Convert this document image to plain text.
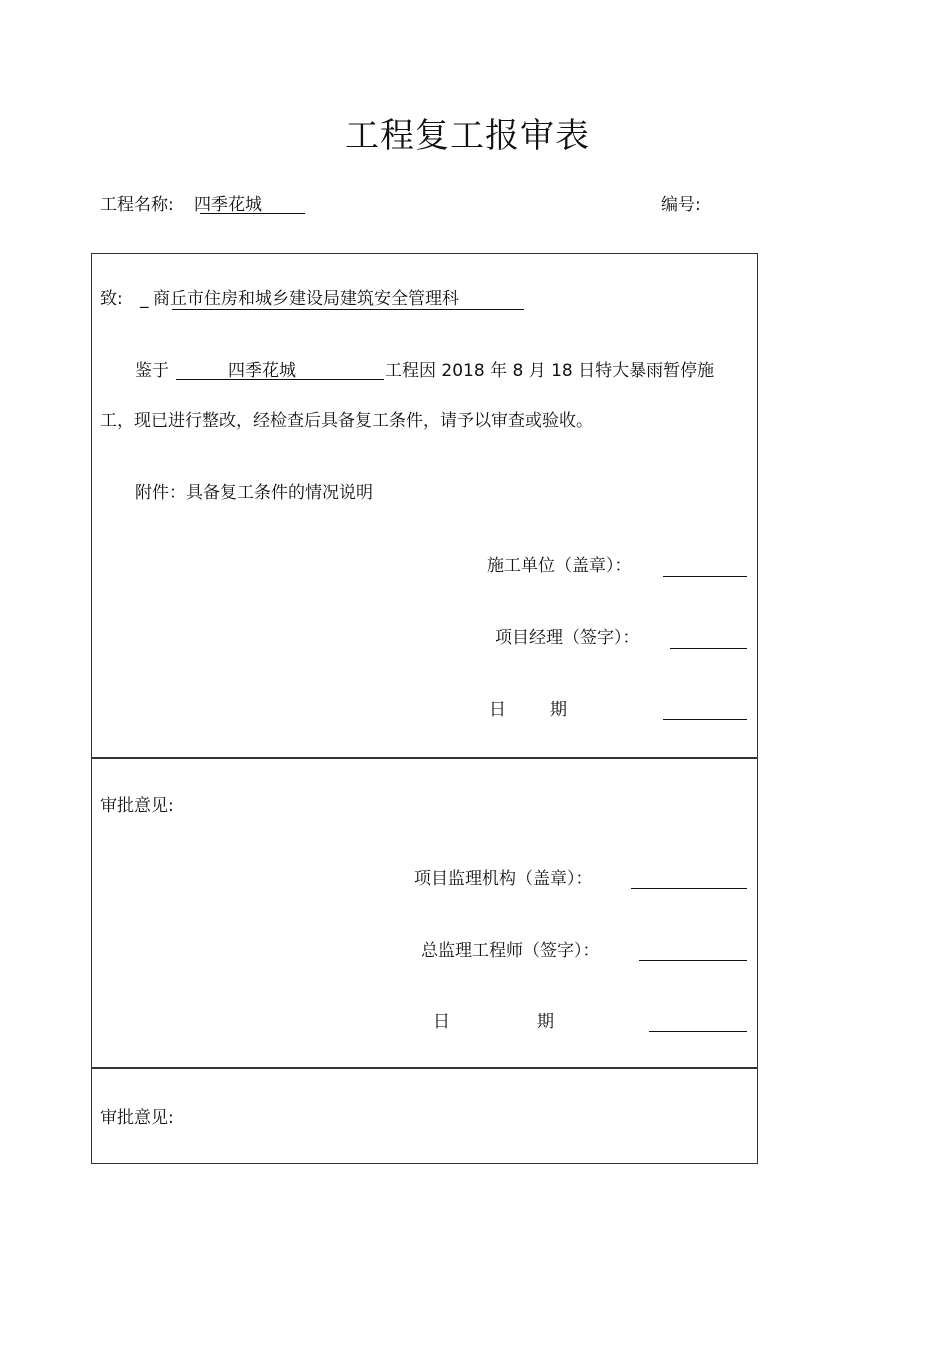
工程复工报审表
工程名称: 四季花城	编号:
致: _ 商丘市住房和城乡建设局建筑安全管理科
鉴于	四季花城	工程因 2018 年 8 月 18 日特大暴雨暂停施
工，现已进行整改，经检查后具备复工条件，请予以审查或验收。
附件：具备复工条件的情况说明
施工单位（盖章）：
项目经理（签字）：
日	期
审批意见:
项目监理机构（盖章）：
总监理工程师（签字）：
日	期
审批意见:
